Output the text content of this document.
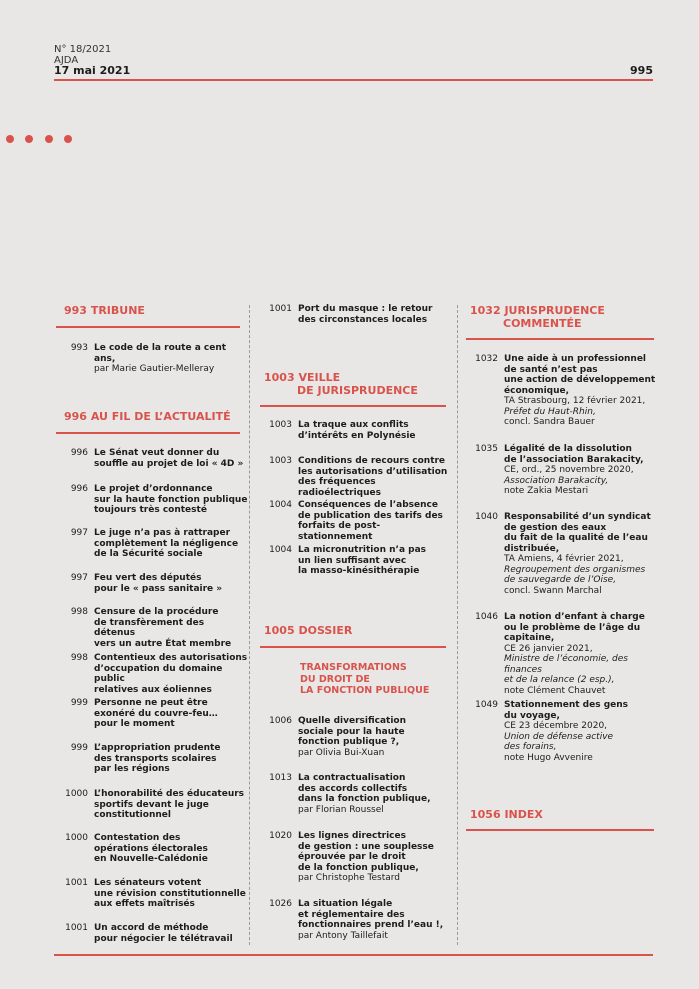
N° 18/2021
AJDA
17 mai 2021	995
993 TRIBUNE
993 Le code de la route a cent ans,
par Marie Gautier-Melleray
996 AU FIL DE L’ACTUALITÉ
996 Le Sénat veut donner du
souffle au projet de loi « 4D »
996 Le projet d’ordonnance
sur la haute fonction publique
toujours très contesté
997 Le juge n’a pas à rattraper
complètement la négligence
de la Sécurité sociale
997 Feu vert des députés
pour le « pass sanitaire »
998 Censure de la procédure
de transfèrement des détenus
vers un autre État membre
998 Contentieux des autorisations
d’occupation du domaine public
relatives aux éoliennes
999 Personne ne peut être
exonéré du couvre-feu…
pour le moment
999 L’appropriation prudente
des transports scolaires
par les régions
1000 L’honorabilité des éducateurs
sportifs devant le juge
constitutionnel
1000 Contestation des
opérations électorales
en Nouvelle-Calédonie
1001 Les sénateurs votent
une révision constitutionnelle
aux effets maîtrisés
1001 Un accord de méthode
pour négocier le télétravail
1001 Port du masque : le retour
des circonstances locales
1003 VEILLE
DE JURISPRUDENCE
1003 La traque aux conflits
d’intérêts en Polynésie
1003 Conditions de recours contre
les autorisations d’utilisation
des fréquences radioélectriques
1004 Conséquences de l’absence
de publication des tarifs des
forfaits de post-stationnement
1004 La micronutrition n’a pas
un lien suffisant avec
la masso-kinésithérapie
1005 DOSSIER
TRANSFORMATIONS
DU DROIT DE
LA FONCTION PUBLIQUE
1006 Quelle diversification
sociale pour la haute
fonction publique ?,
par Olivia Bui-Xuan
1013 La contractualisation
des accords collectifs
dans la fonction publique,
par Florian Roussel
1020 Les lignes directrices
de gestion : une souplesse
éprouvée par le droit
de la fonction publique,
par Christophe Testard
1026 La situation légale
et réglementaire des
fonctionnaires prend l’eau !,
par Antony Taillefait
1032 JURISPRUDENCE
COMMENTÉE
1032 Une aide à un professionnel
de santé n’est pas
une action de développement
économique,
TA Strasbourg, 12 février 2021,
Préfet du Haut-Rhin,
concl. Sandra Bauer
1035 Légalité de la dissolution
de l’association Barakacity,
CE, ord., 25 novembre 2020,
Association Barakacity,
note Zakia Mestari
1040 Responsabilité d’un syndicat
de gestion des eaux
du fait de la qualité de l’eau
distribuée,
TA Amiens, 4 février 2021,
Regroupement des organismes
de sauvegarde de l’Oise,
concl. Swann Marchal
1046 La notion d’enfant à charge
ou le problème de l’âge du
capitaine,
CE 26 janvier 2021,
Ministre de l’économie, des finances
et de la relance (2 esp.),
note Clément Chauvet
1049 Stationnement des gens
du voyage,
CE 23 décembre 2020,
Union de défense active
des forains,
note Hugo Avvenire
1056 INDEX
